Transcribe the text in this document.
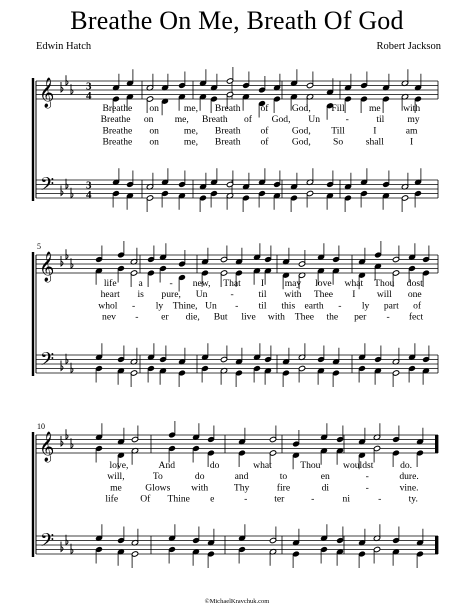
Breathe On Me, Breath Of God
Edwin Hatch	Robert Jackson
𝄞
𝄢
3
4
3
4
Breathe on	me, Breath of God, Fill	me with
Breathe on me, Breath of God, Un	-	til my
Breathe on	me, Breath of God, Till	I	am
Breathe on	me, Breath of God, So shall	I
𝄞
𝄢
5
life a	- new, That I may love what Thou dost
heart is pure, Un -	til with Thee I will one
whol - ly Thine, Un - til this earth - ly part of
nev - er die, But live with Thee the per - fect
𝄞
𝄢
10
love,	And	do	what	Thou wouldst	do.
will,	To	do	and	to	en	-	dure.
me Glows with	Thy	fire	di	-	vine.
life Of Thine e	-	ter	-	ni	-	ty.
©MichaelKravchuk.com
